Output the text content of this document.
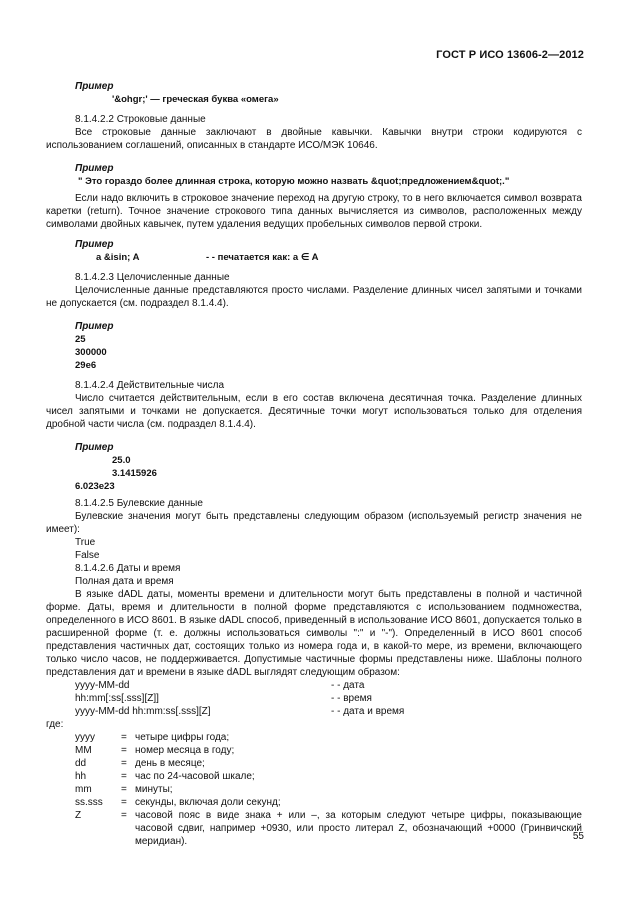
ГОСТ Р ИСО 13606-2—2012
Пример
'&ohgr;' — греческая буква «омега»
8.1.4.2.2 Строковые данные
Все строковые данные заключают в двойные кавычки. Кавычки внутри строки кодируются с использованием соглашений, описанных в стандарте ИСО/МЭК 10646.
Пример
" Это гораздо более длинная строка, которую можно назвать &quot;предложением&quot;."
Если надо включить в строковое значение переход на другую строку, то в него включается символ возврата каретки (return). Точное значение строкового типа данных вычисляется из символов, расположенных между символами двойных кавычек, путем удаления ведущих пробельных символов первой строки.
Пример
a &isin; A	- - печатается как: a ∈ A
8.1.4.2.3 Целочисленные данные
Целочисленные данные представляются просто числами. Разделение длинных чисел запятыми и точками не допускается (см. подраздел 8.1.4.4).
Пример
25
300000
29e6
8.1.4.2.4 Действительные числа
Число считается действительным, если в его состав включена десятичная точка. Разделение длинных чисел запятыми и точками не допускается. Десятичные точки могут использоваться только для отделения дробной части числа (см. подраздел 8.1.4.4).
Пример
25.0
3.1415926
6.023e23
8.1.4.2.5 Булевские данные
Булевские значения могут быть представлены следующим образом (используемый регистр значения не имеет):
True
False
8.1.4.2.6 Даты и время
Полная дата и время
В языке dADL даты, моменты времени и длительности могут быть представлены в полной и частичной форме. Даты, время и длительности в полной форме представляются с использованием подмножества, определенного в ИСО 8601. В языке dADL способ, приведенный в использование ИСО 8601, допускается только в расширенной форме (т. е. должны использоваться символы ":" и "-"). Определенный в ИСО 8601 способ представления частичных дат, состоящих только из номера года и, в какой-то мере, из времени, включающего только число часов, не поддерживается. Допустимые частичные формы представлены ниже. Шаблоны полного представления дат и времени в языке dADL выглядят следующим образом:
yyyy-MM-dd	- - дата
hh:mm[:ss[.sss][Z]]	- - время
yyyy-MM-dd hh:mm:ss[.sss][Z]	- - дата и время
где:
yyyy	= четыре цифры года;
MM	= номер месяца в году;
dd	= день в месяце;
hh	= час по 24-часовой шкале;
mm	= минуты;
ss.sss	= секунды, включая доли секунд;
Z	= часовой пояс в виде знака + или –, за которым следуют четыре цифры, показывающие часовой сдвиг, например +0930, или просто литерал Z, обозначающий +0000 (Гринвичский меридиан).	55
